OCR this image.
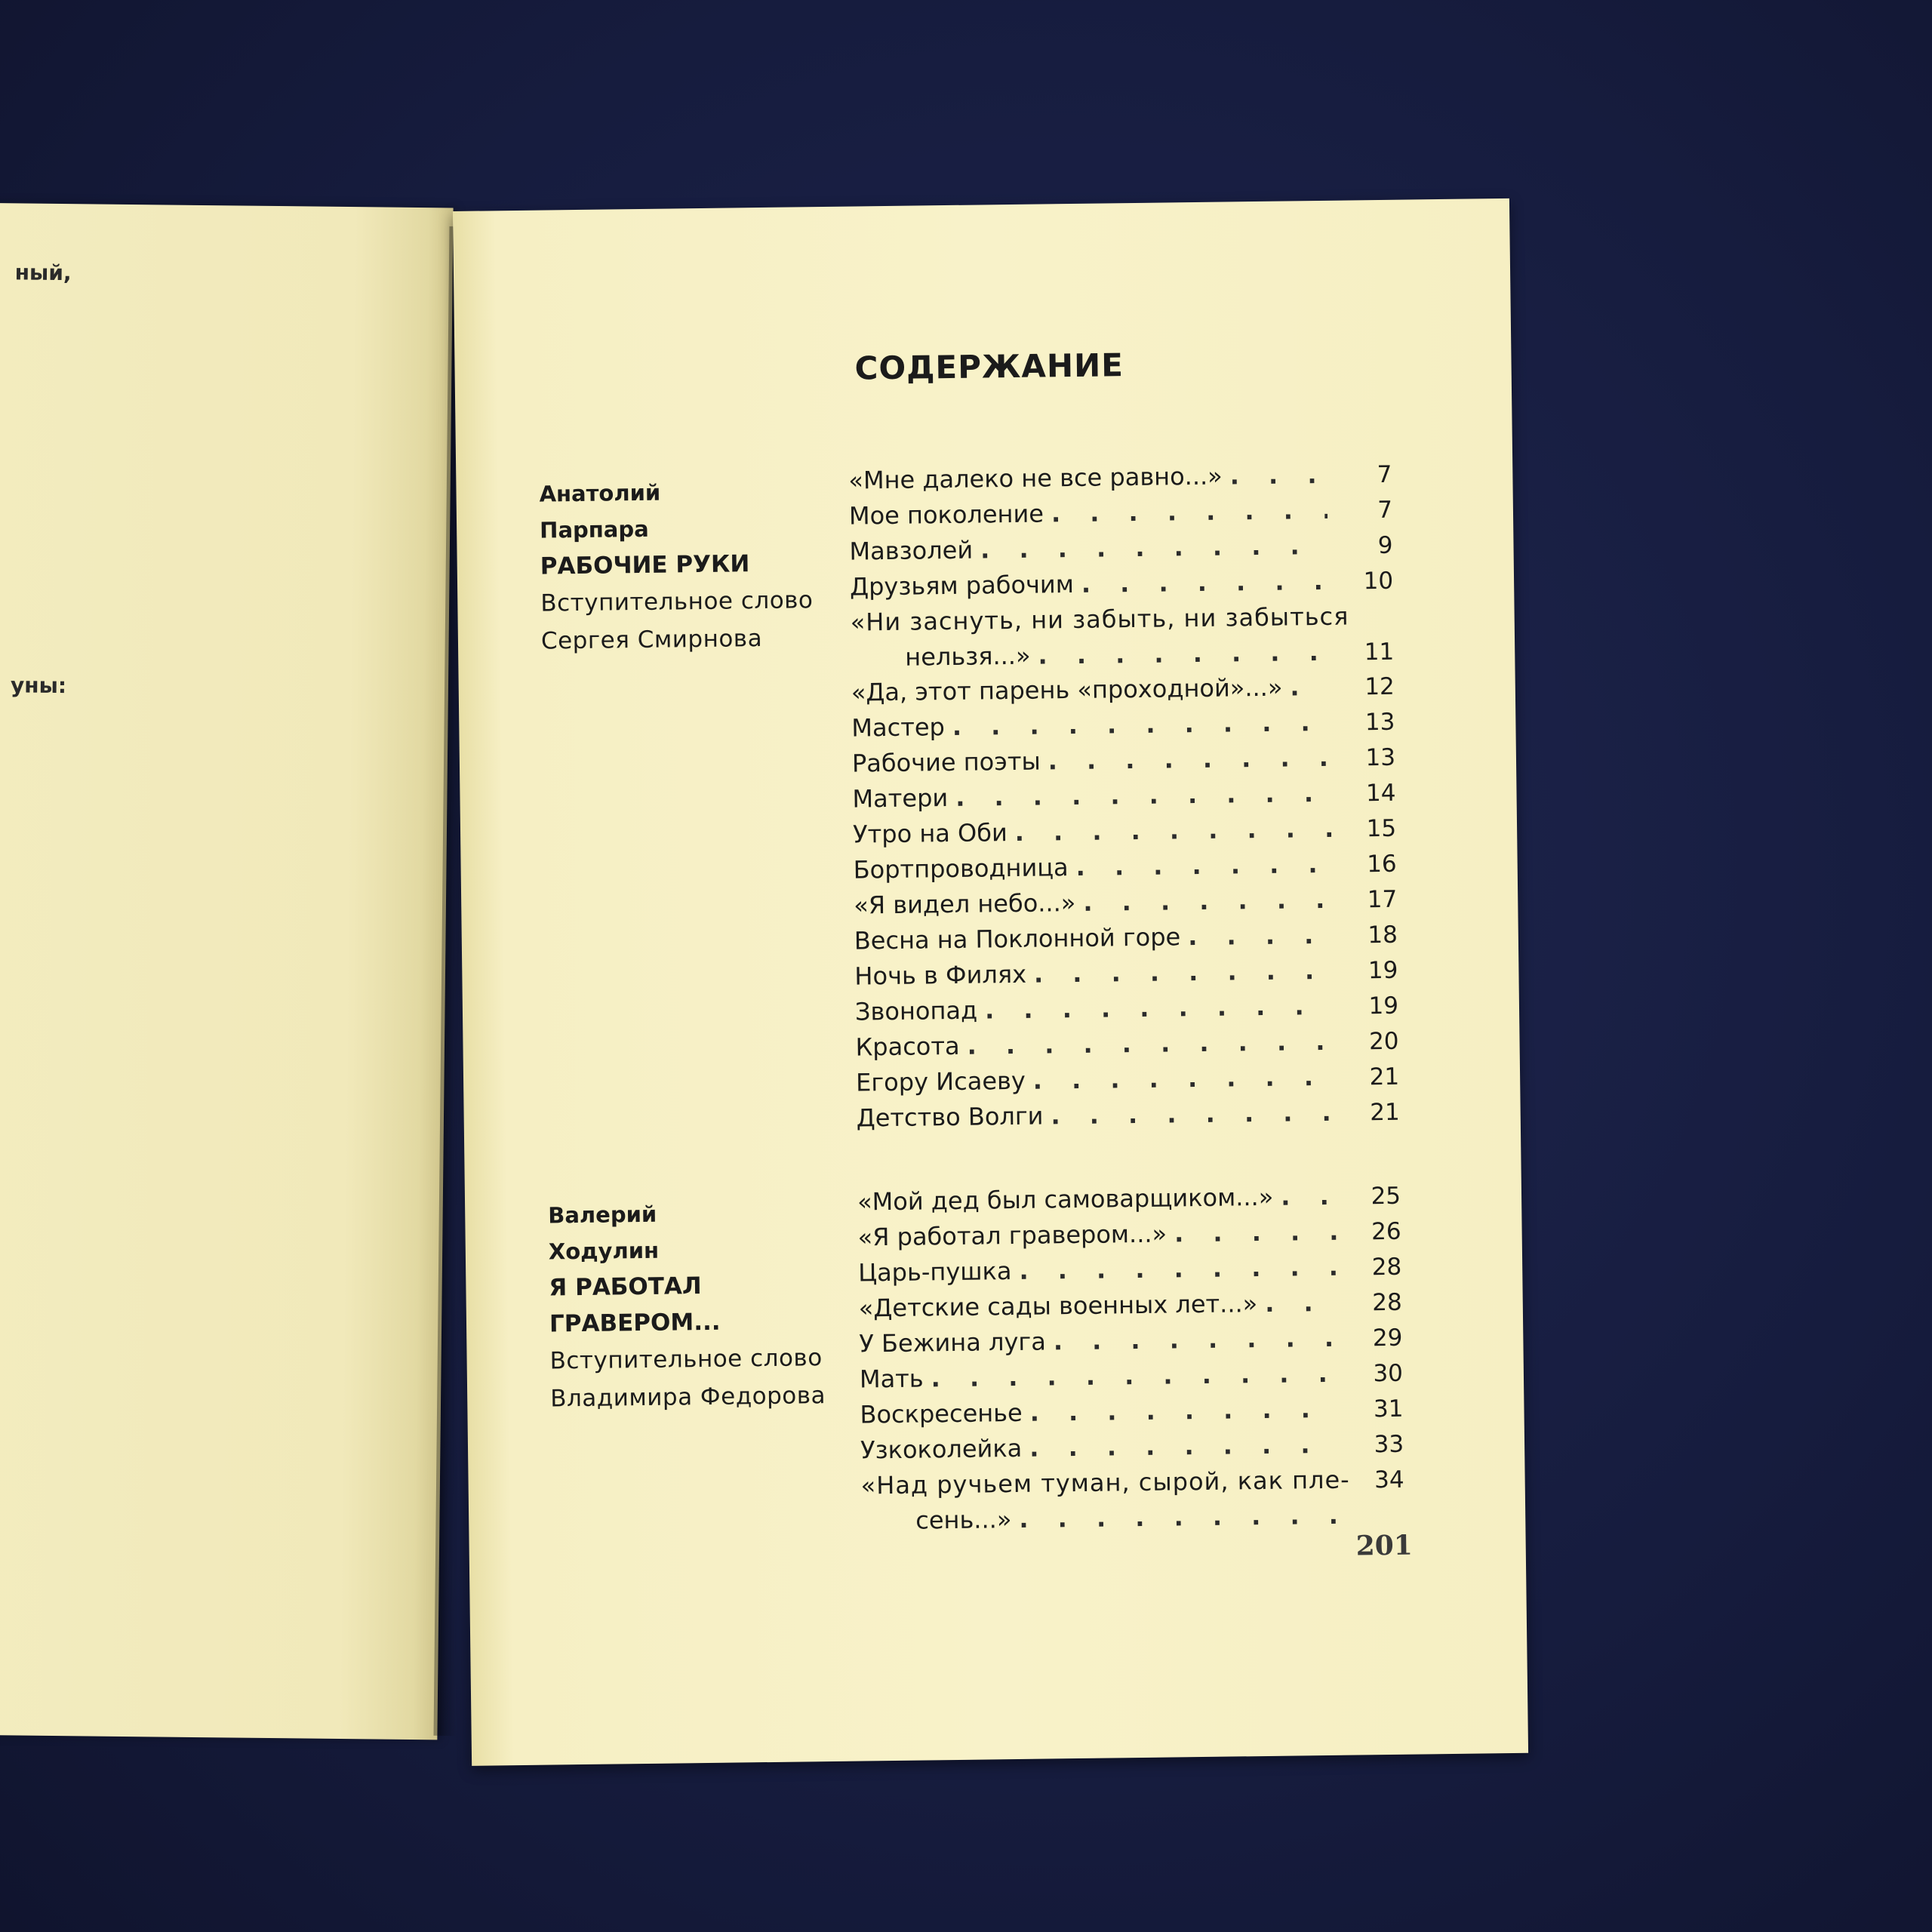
ный,
уны:
СОДЕРЖАНИЕ
Анатолий
Парпара
РАБОЧИЕ РУКИ
Вступительное слово
Сергея Смирнова
«Мне далеко не все равно...» . . .	7
Мое поколение . . .	7
Мавзолей . . .	9
Друзьям рабочим . . .	10
«Ни заснуть, ни забыть, ни забыться
нельзя...» . . .	11
«Да, этот парень «проходной»...» . . .	12
Мастер . . .	13
Рабочие поэты . . .	13
Матери . . .	14
Утро на Оби . . .	15
Бортпроводница . . .	16
«Я видел небо...» . . .	17
Весна на Поклонной горе . . .	18
Ночь в Филях . . .	19
Звонопад . . .	19
Красота . . .	20
Егору Исаеву . . .	21
Детство Волги . . .	21
Валерий
Ходулин
Я РАБОТАЛ
ГРАВЕРОМ...
Вступительное слово
Владимира Федорова
«Мой дед был самоварщиком...» . . .	25
«Я работал гравером...» . . .	26
Царь-пушка . . .	28
«Детские сады военных лет...» . . .	28
У Бежина луга . . .	29
Мать . . .	30
Воскресенье . . .	31
Узкоколейка . . .	33
«Над ручьем туман, сырой, как пле-	34
сень...»
. . .
201
